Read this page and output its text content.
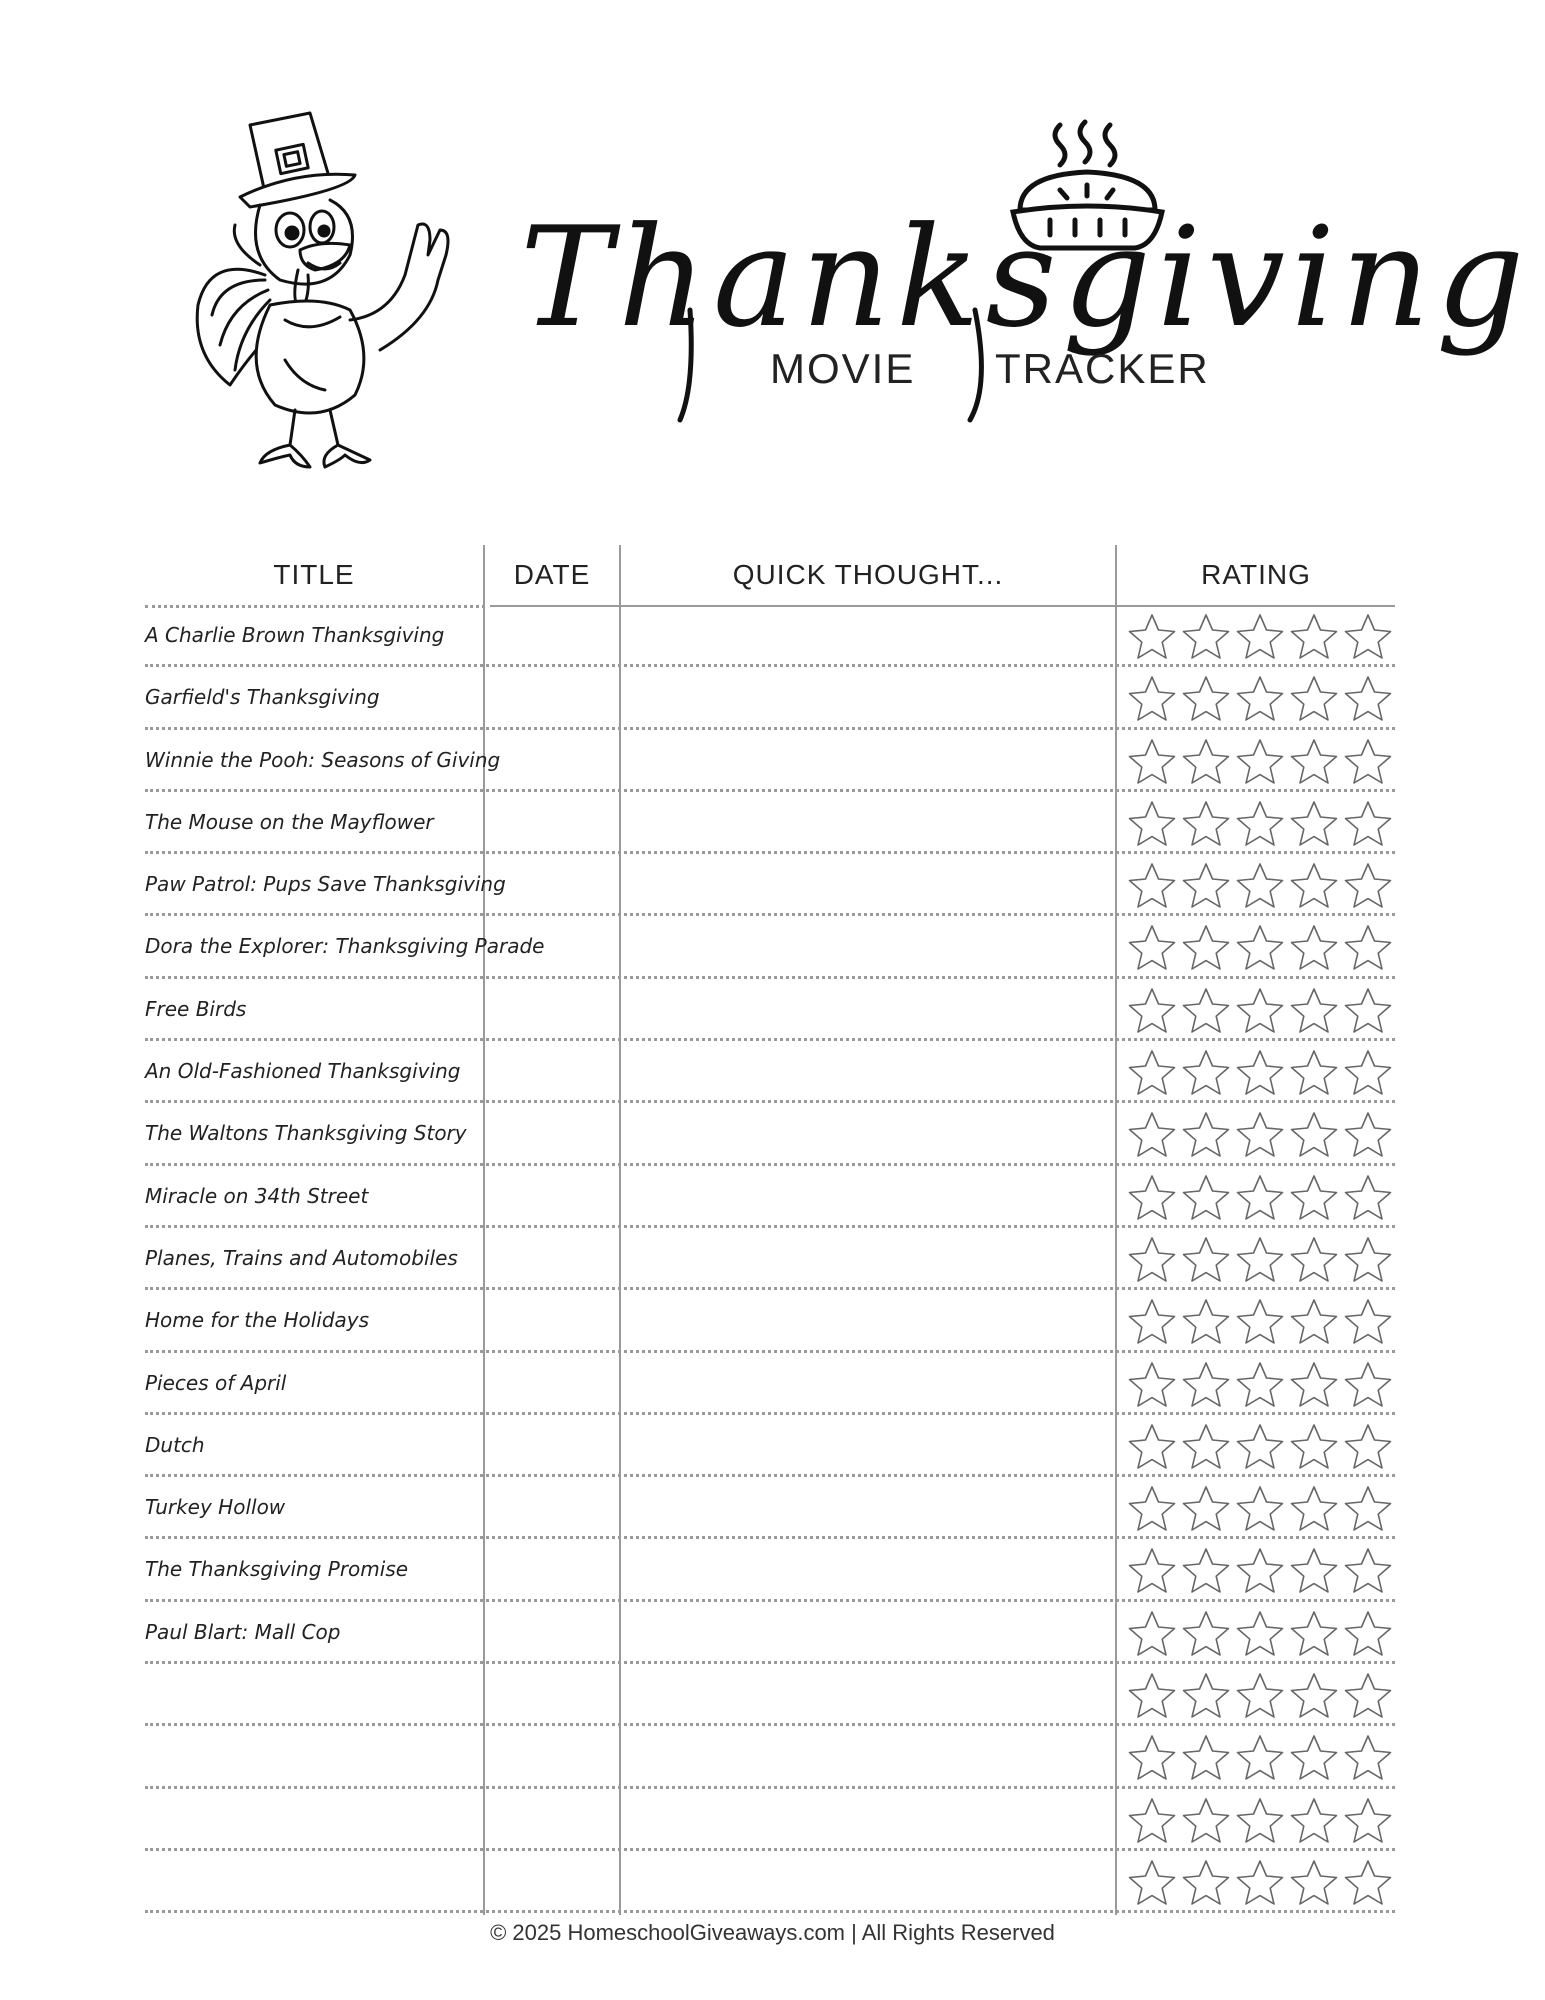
Thanksgiving
MOVIE TRACKER
TITLE	DATE	QUICK THOUGHT...	RATING
A Charlie Brown Thanksgiving
Garfield's Thanksgiving
Winnie the Pooh: Seasons of Giving
The Mouse on the Mayflower
Paw Patrol: Pups Save Thanksgiving
Dora the Explorer: Thanksgiving Parade
Free Birds
An Old-Fashioned Thanksgiving
The Waltons Thanksgiving Story
Miracle on 34th Street
Planes, Trains and Automobiles
Home for the Holidays
Pieces of April
Dutch
Turkey Hollow
The Thanksgiving Promise
Paul Blart: Mall Cop
© 2025 HomeschoolGiveaways.com | All Rights Reserved
